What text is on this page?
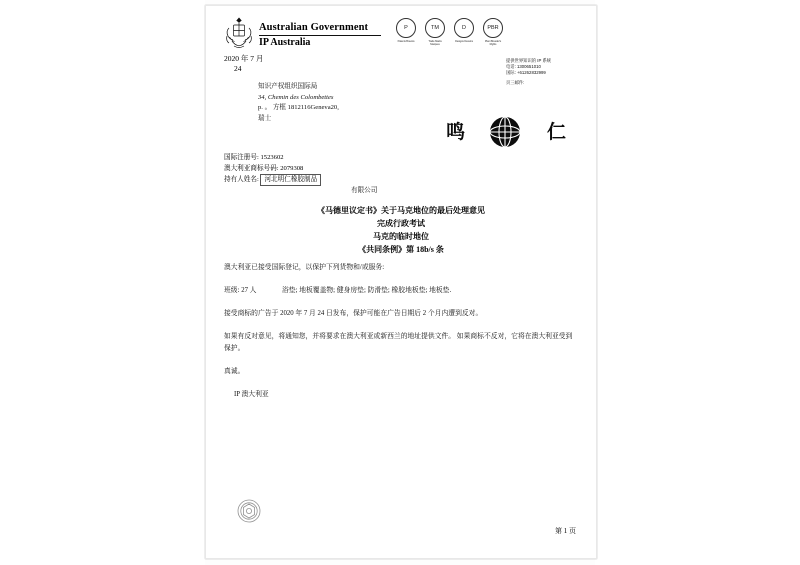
Australian Government
IP Australia
P
Patents Brevets
TM
Trade Marks Marques
D
Designs Dessins
PBR
Plant Breeder's Rights
提供世界知识的 IP 系统
电话: 1300651010
国际: +61262832999
页三邮件:
2020 年 7 月
24
知识产权组织国际局
34, Chemin des Colombettes
p. 。 方框 1812116Geneva20,
瑞士
鸣	仁
国际注册号: 1523602
澳大利亚商标号码: 2079308
持有人姓名: 河北明仁橡胶制品
有限公司
《马德里议定书》关于马克地位的最后处理意见
完成行政考试
马克的临时地位
《共同条例》第 18b/s 条

澳大利亚已接受国际登记，以保护下列货物和/或服务:

班级: 27 人	浴垫; 地板覆盖物; 健身房垫; 防滑垫; 橡胶地板垫; 地板垫.

接受商标的广告于 2020 年 7 月 24 日发布，保护可能在广告日期后 2 个月内遭到反对。

如果有反对意见，将通知您，并将要求在澳大利亚或新西兰的地址提供文件。 如果商标不反对，它将在澳大利亚受到保护。

真诚。

IP 澳大利亚

第 1 页
